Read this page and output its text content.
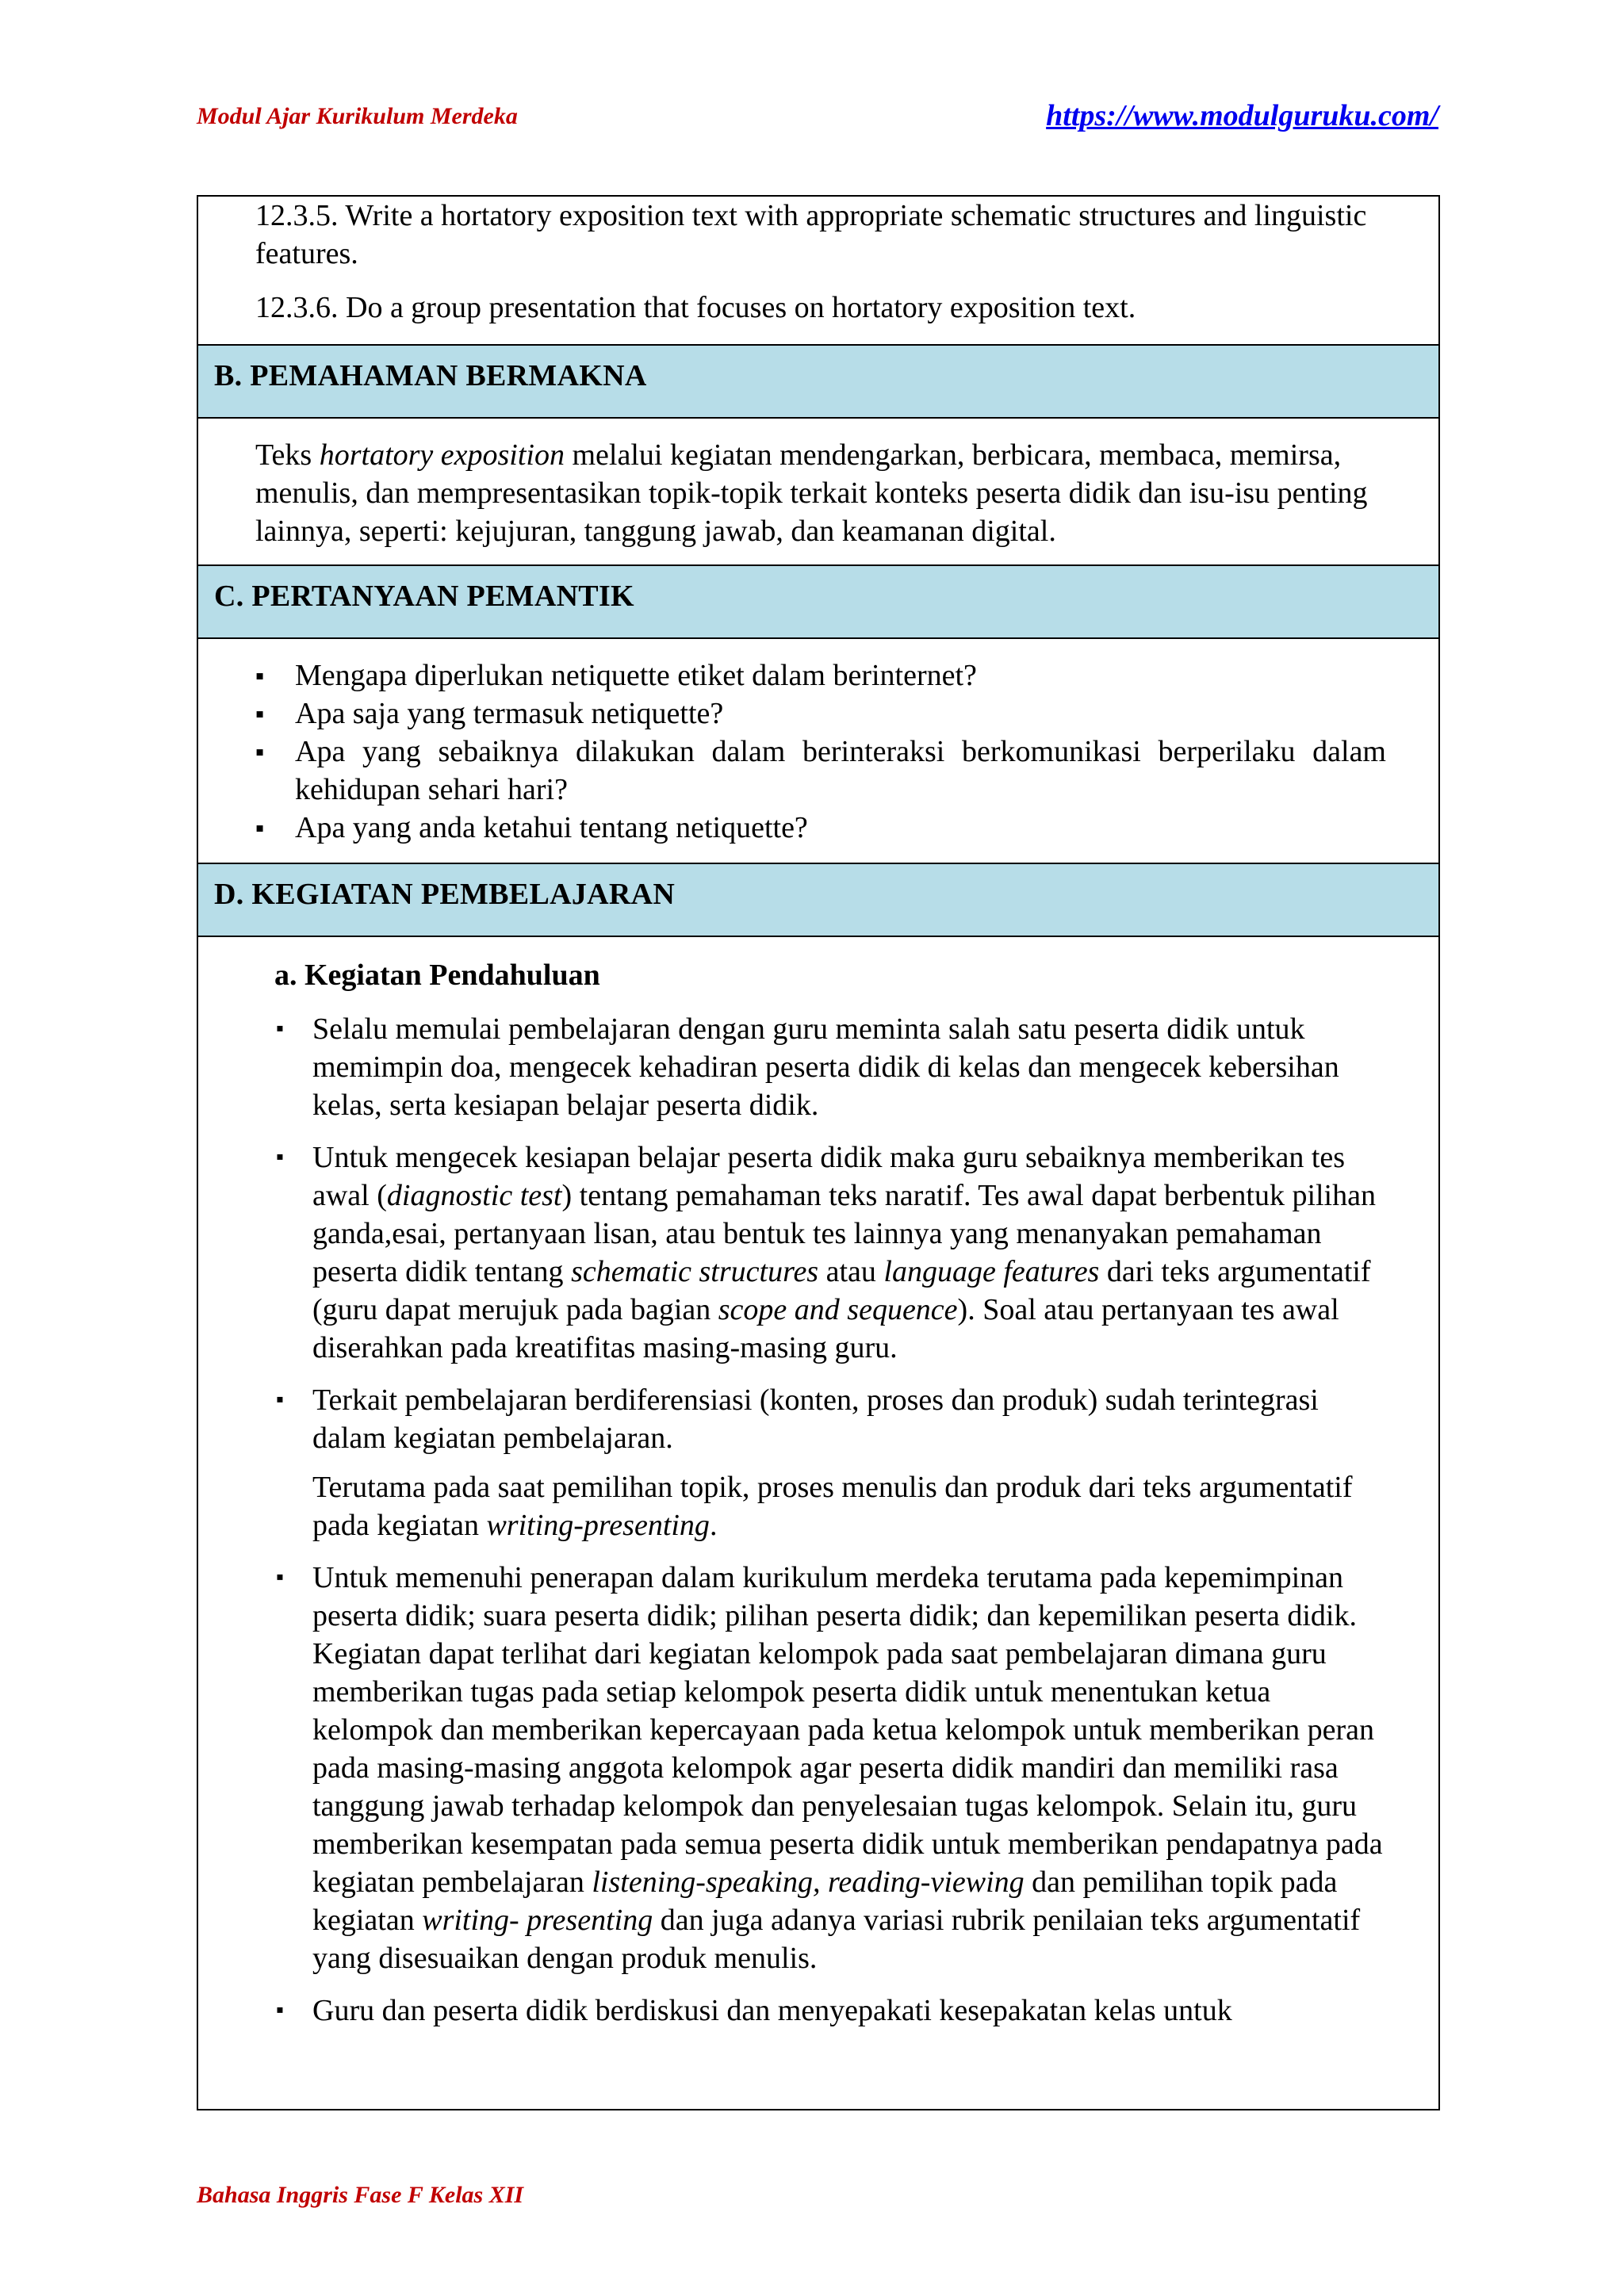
Modul Ajar Kurikulum Merdeka	https://www.modulguruku.com/
12.3.5. Write a hortatory exposition text with appropriate schematic structures and linguistic features.
12.3.6. Do a group presentation that focuses on hortatory exposition text.
B. PEMAHAMAN BERMAKNA
Teks hortatory exposition melalui kegiatan mendengarkan, berbicara, membaca, memirsa, menulis, dan mempresentasikan topik-topik terkait konteks peserta didik dan isu-isu penting lainnya, seperti: kejujuran, tanggung jawab, dan keamanan digital.
C. PERTANYAAN PEMANTIK
▪ Mengapa diperlukan netiquette etiket dalam berinternet?
▪ Apa saja yang termasuk netiquette?
▪ Apa yang sebaiknya dilakukan dalam berinteraksi berkomunikasi berperilaku dalam kehidupan sehari hari?
▪ Apa yang anda ketahui tentang netiquette?
D. KEGIATAN PEMBELAJARAN
a. Kegiatan Pendahuluan
▪ Selalu memulai pembelajaran dengan guru meminta salah satu peserta didik untuk memimpin doa, mengecek kehadiran peserta didik di kelas dan mengecek kebersihan kelas, serta kesiapan belajar peserta didik.
▪ Untuk mengecek kesiapan belajar peserta didik maka guru sebaiknya memberikan tes awal (diagnostic test) tentang pemahaman teks naratif. Tes awal dapat berbentuk pilihan ganda,esai, pertanyaan lisan, atau bentuk tes lainnya yang menanyakan pemahaman peserta didik tentang schematic structures atau language features dari teks argumentatif (guru dapat merujuk pada bagian scope and sequence). Soal atau pertanyaan tes awal diserahkan pada kreatifitas masing-masing guru.
▪ Terkait pembelajaran berdiferensiasi (konten, proses dan produk) sudah terintegrasi dalam kegiatan pembelajaran.
Terutama pada saat pemilihan topik, proses menulis dan produk dari teks argumentatif pada kegiatan writing-presenting.
▪ Untuk memenuhi penerapan dalam kurikulum merdeka terutama pada kepemimpinan peserta didik; suara peserta didik; pilihan peserta didik; dan kepemilikan peserta didik. Kegiatan dapat terlihat dari kegiatan kelompok pada saat pembelajaran dimana guru memberikan tugas pada setiap kelompok peserta didik untuk menentukan ketua kelompok dan memberikan kepercayaan pada ketua kelompok untuk memberikan peran pada masing-masing anggota kelompok agar peserta didik mandiri dan memiliki rasa tanggung jawab terhadap kelompok dan penyelesaian tugas kelompok. Selain itu, guru memberikan kesempatan pada semua peserta didik untuk memberikan pendapatnya pada kegiatan pembelajaran listening-speaking, reading-viewing dan pemilihan topik pada kegiatan writing- presenting dan juga adanya variasi rubrik penilaian teks argumentatif yang disesuaikan dengan produk menulis.
▪ Guru dan peserta didik berdiskusi dan menyepakati kesepakatan kelas untuk
Bahasa Inggris Fase F Kelas XII
